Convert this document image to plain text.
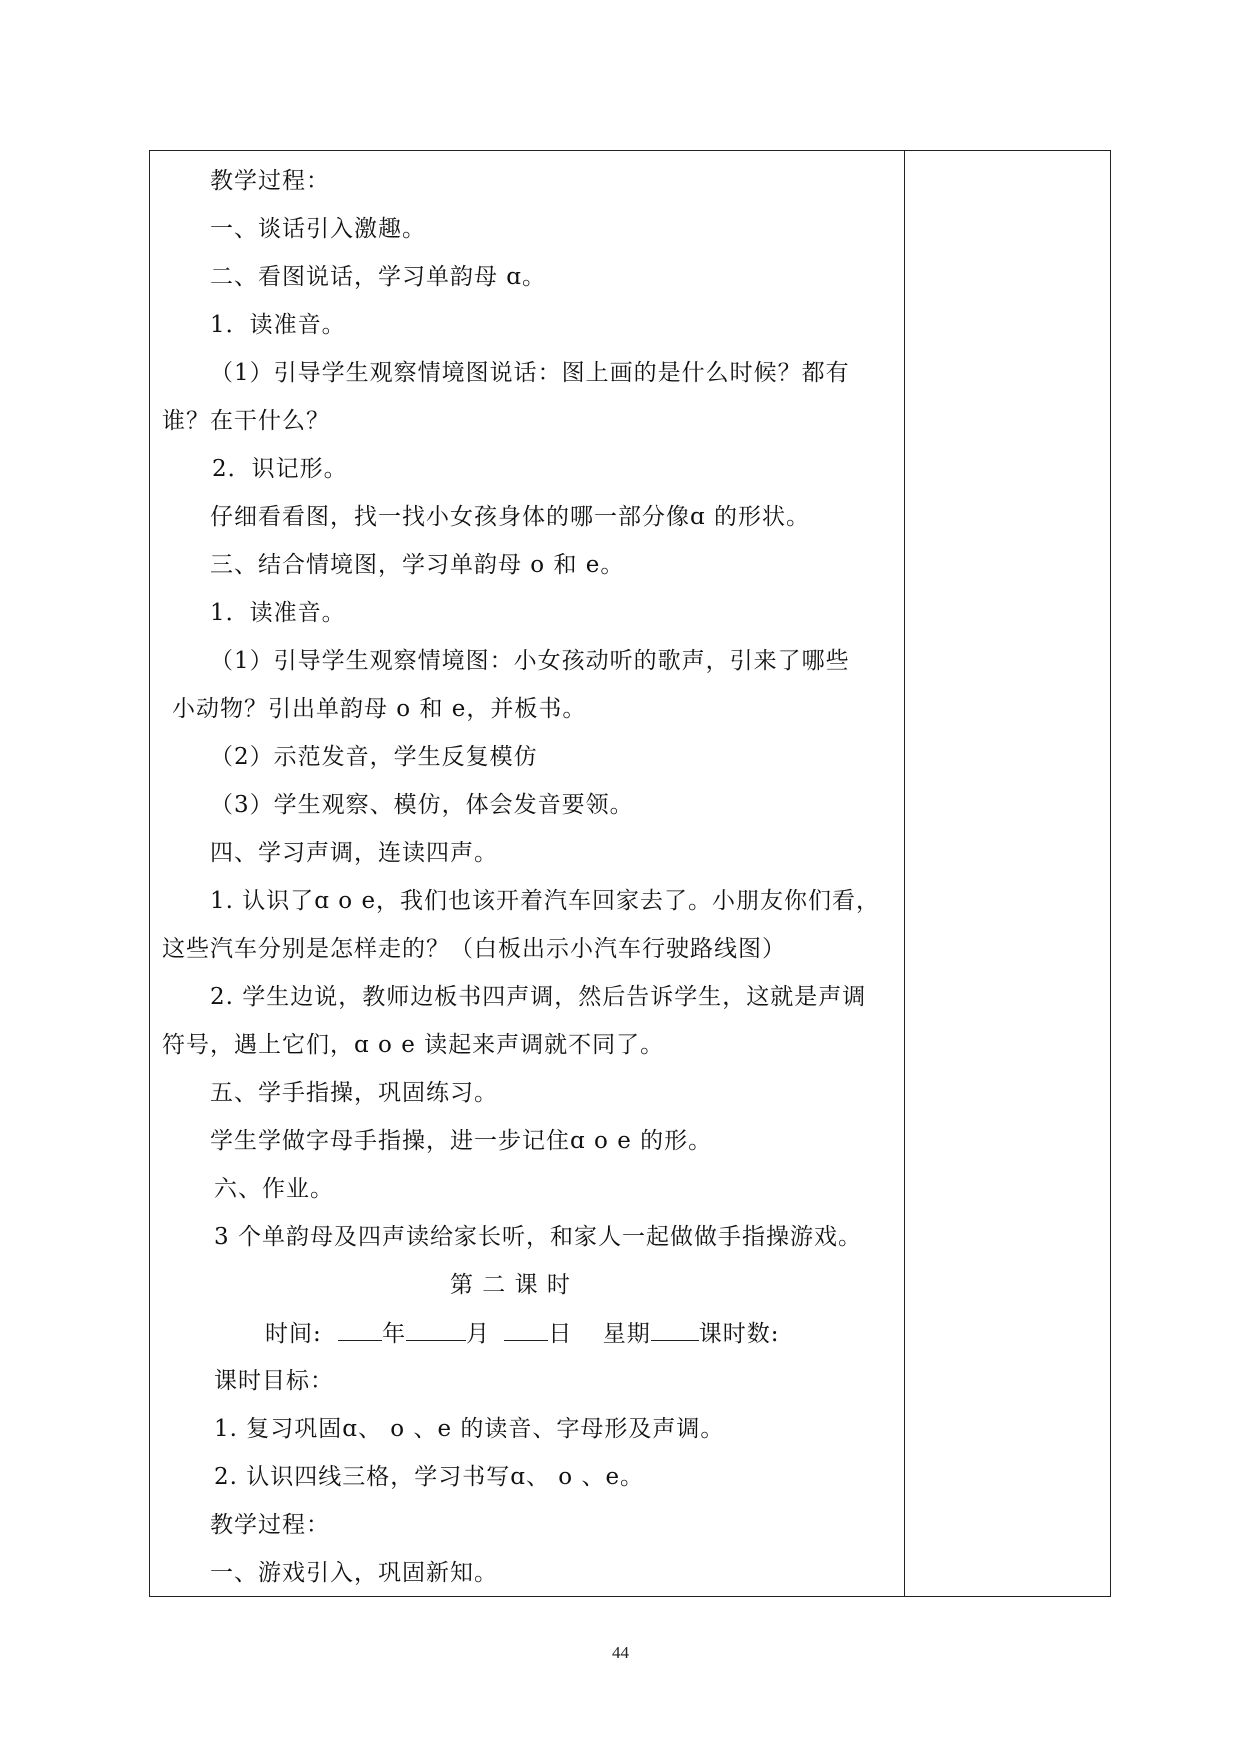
教学过程：
一、谈话引入激趣。
二、看图说话，学习单韵母 ɑ。
1．读准音。
（1）引导学生观察情境图说话：图上画的是什么时候？都有
谁？在干什么？
2．识记形。
仔细看看图，找一找小女孩身体的哪一部分像ɑ 的形状。
三、结合情境图，学习单韵母 o 和 e。
1．读准音。
（1）引导学生观察情境图：小女孩动听的歌声，引来了哪些
小动物？引出单韵母 o 和 e，并板书。
（2）示范发音，学生反复模仿
（3）学生观察、模仿，体会发音要领。
四、学习声调，连读四声。
1. 认识了ɑ o e，我们也该开着汽车回家去了。小朋友你们看，
这些汽车分别是怎样走的？（白板出示小汽车行驶路线图）
2. 学生边说，教师边板书四声调，然后告诉学生，这就是声调
符号，遇上它们，ɑ o e 读起来声调就不同了。
五、学手指操，巩固练习。
学生学做字母手指操，进一步记住ɑ o e 的形。
六、作业。
3 个单韵母及四声读给家长听，和家人一起做做手指操游戏。
第 二 课 时
时间:	年	月	日 星期 课时数:
课时目标：
1. 复习巩固ɑ、 o 、e 的读音、字母形及声调。
2. 认识四线三格，学习书写ɑ、 o 、e。
教学过程：
一、游戏引入，巩固新知。
44
